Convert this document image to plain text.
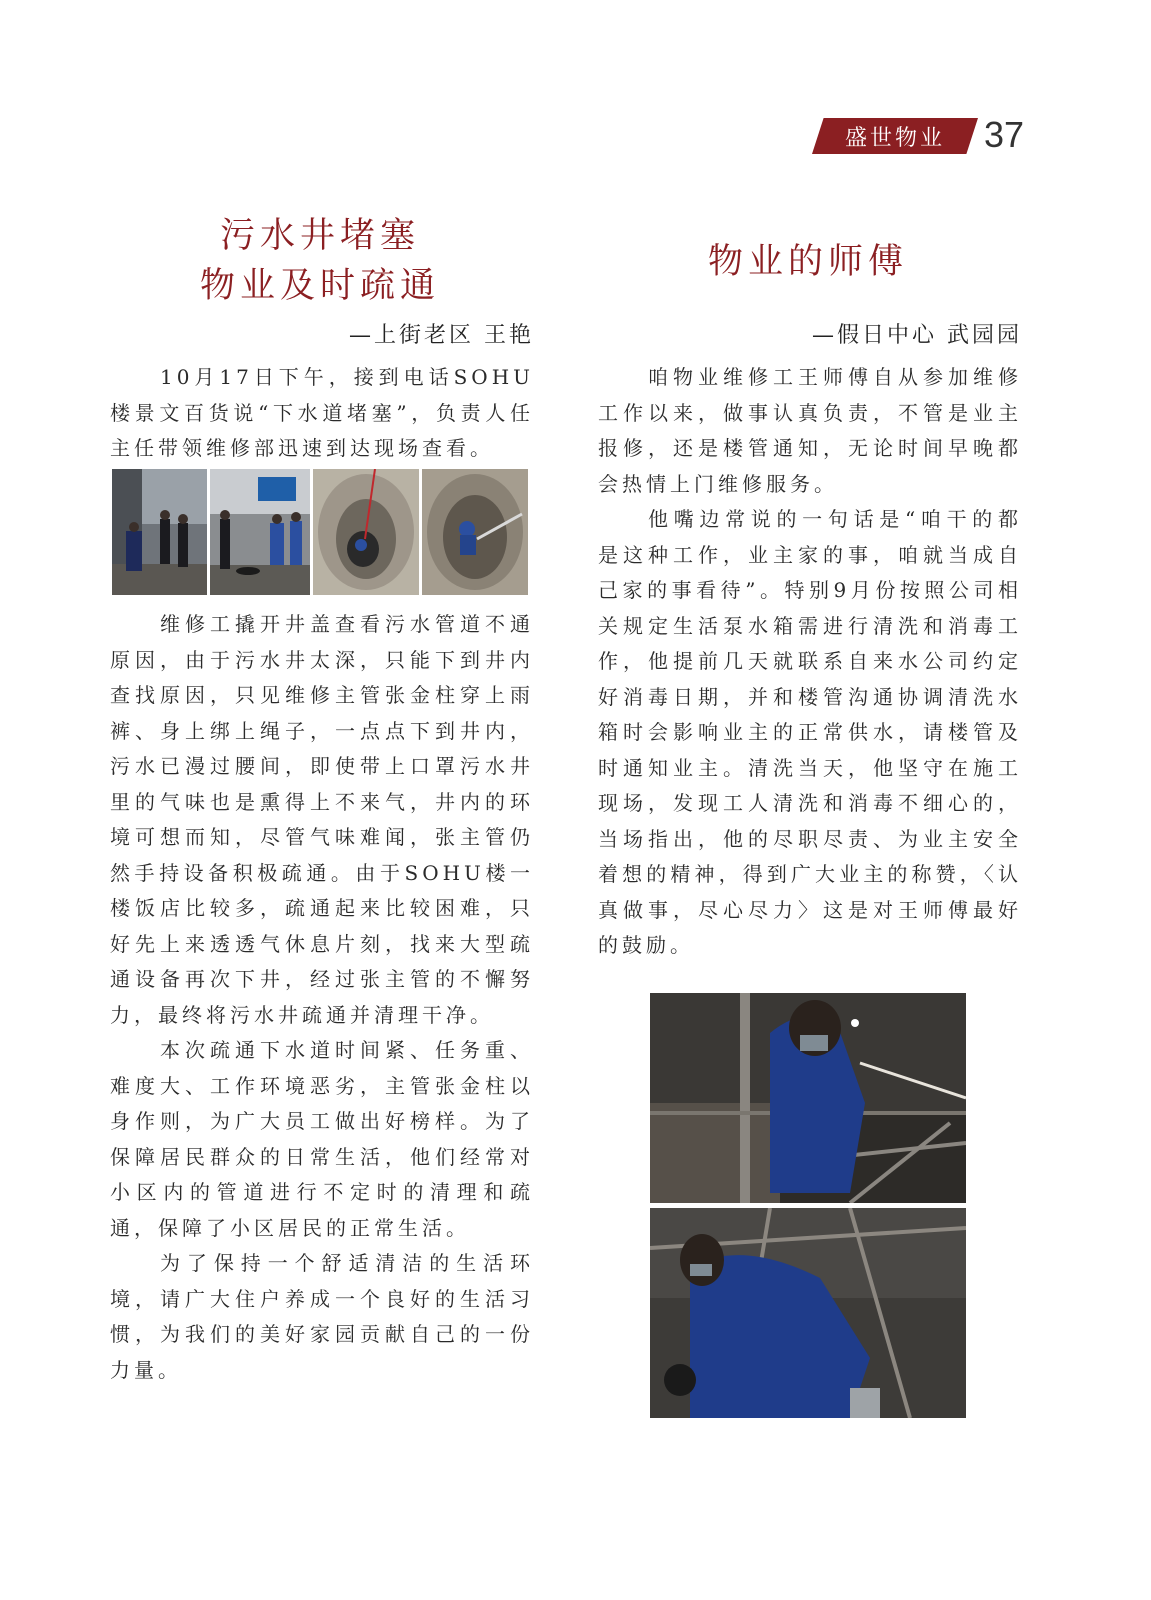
盛世物业	37
污水井堵塞
物业及时疏通
—上街老区 王艳

10月17日下午，接到电话SOHU楼景文百货说“下水道堵塞”，负责人任主任带领维修部迅速到达现场查看。

维修工撬开井盖查看污水管道不通原因，由于污水井太深，只能下到井内查找原因，只见维修主管张金柱穿上雨裤、身上绑上绳子，一点点下到井内，污水已漫过腰间，即使带上口罩污水井里的气味也是熏得上不来气，井内的环境可想而知，尽管气味难闻，张主管仍然手持设备积极疏通。由于SOHU楼一楼饭店比较多，疏通起来比较困难，只好先上来透透气休息片刻，找来大型疏通设备再次下井，经过张主管的不懈努力，最终将污水井疏通并清理干净。

本次疏通下水道时间紧、任务重、难度大、工作环境恶劣，主管张金柱以身作则，为广大员工做出好榜样。为了保障居民群众的日常生活，他们经常对小区内的管道进行不定时的清理和疏通，保障了小区居民的正常生活。

为了保持一个舒适清洁的生活环境，请广大住户养成一个良好的生活习惯，为我们的美好家园贡献自己的一份力量。

物业的师傅
—假日中心 武园园

咱物业维修工王师傅自从参加维修工作以来，做事认真负责，不管是业主报修，还是楼管通知，无论时间早晚都会热情上门维修服务。

他嘴边常说的一句话是“咱干的都是这种工作，业主家的事，咱就当成自己家的事看待”。特别9月份按照公司相关规定生活泵水箱需进行清洗和消毒工作，他提前几天就联系自来水公司约定好消毒日期，并和楼管沟通协调清洗水箱时会影响业主的正常供水，请楼管及时通知业主。清洗当天，他坚守在施工现场，发现工人清洗和消毒不细心的，当场指出，他的尽职尽责、为业主安全着想的精神，得到广大业主的称赞，〈认真做事，尽心尽力〉这是对王师傅最好的鼓励。
